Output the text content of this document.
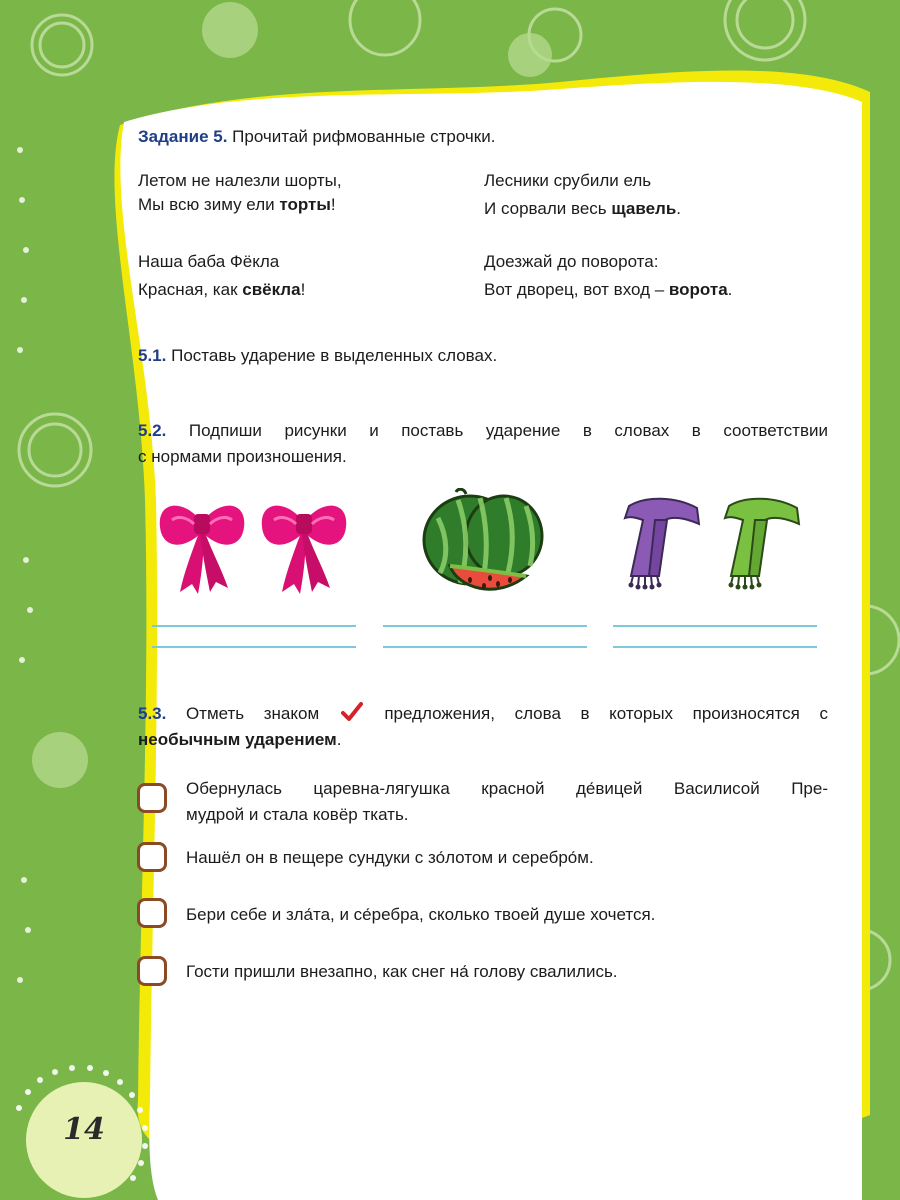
Задание 5. Прочитай рифмованные строчки.
Летом не налезли шорты,
Мы всю зиму ели торты!
Лесники срубили ель
И сорвали весь щавель.
Наша баба Фёкла
Красная, как свёкла!
Доезжай до поворота:
Вот дворец, вот вход – ворота.
5.1. Поставь ударение в выделенных словах.
5.2. Подпиши рисунки и поставь ударение в словах в соответствии
с нормами произношения.
5.3. Отметь знаком	предложения, слова в которых произносятся с
необычным ударением.
Обернулась царевна-лягушка красной де́вицей Василисой Пре-
мудрой и стала ковёр ткать.
Нашёл он в пещере сундуки с зо́лотом и серебро́м.
Бери себе и зла́та, и се́ребра, сколько твоей душе хочется.
Гости пришли внезапно, как снег на́ голову свалились.
14
